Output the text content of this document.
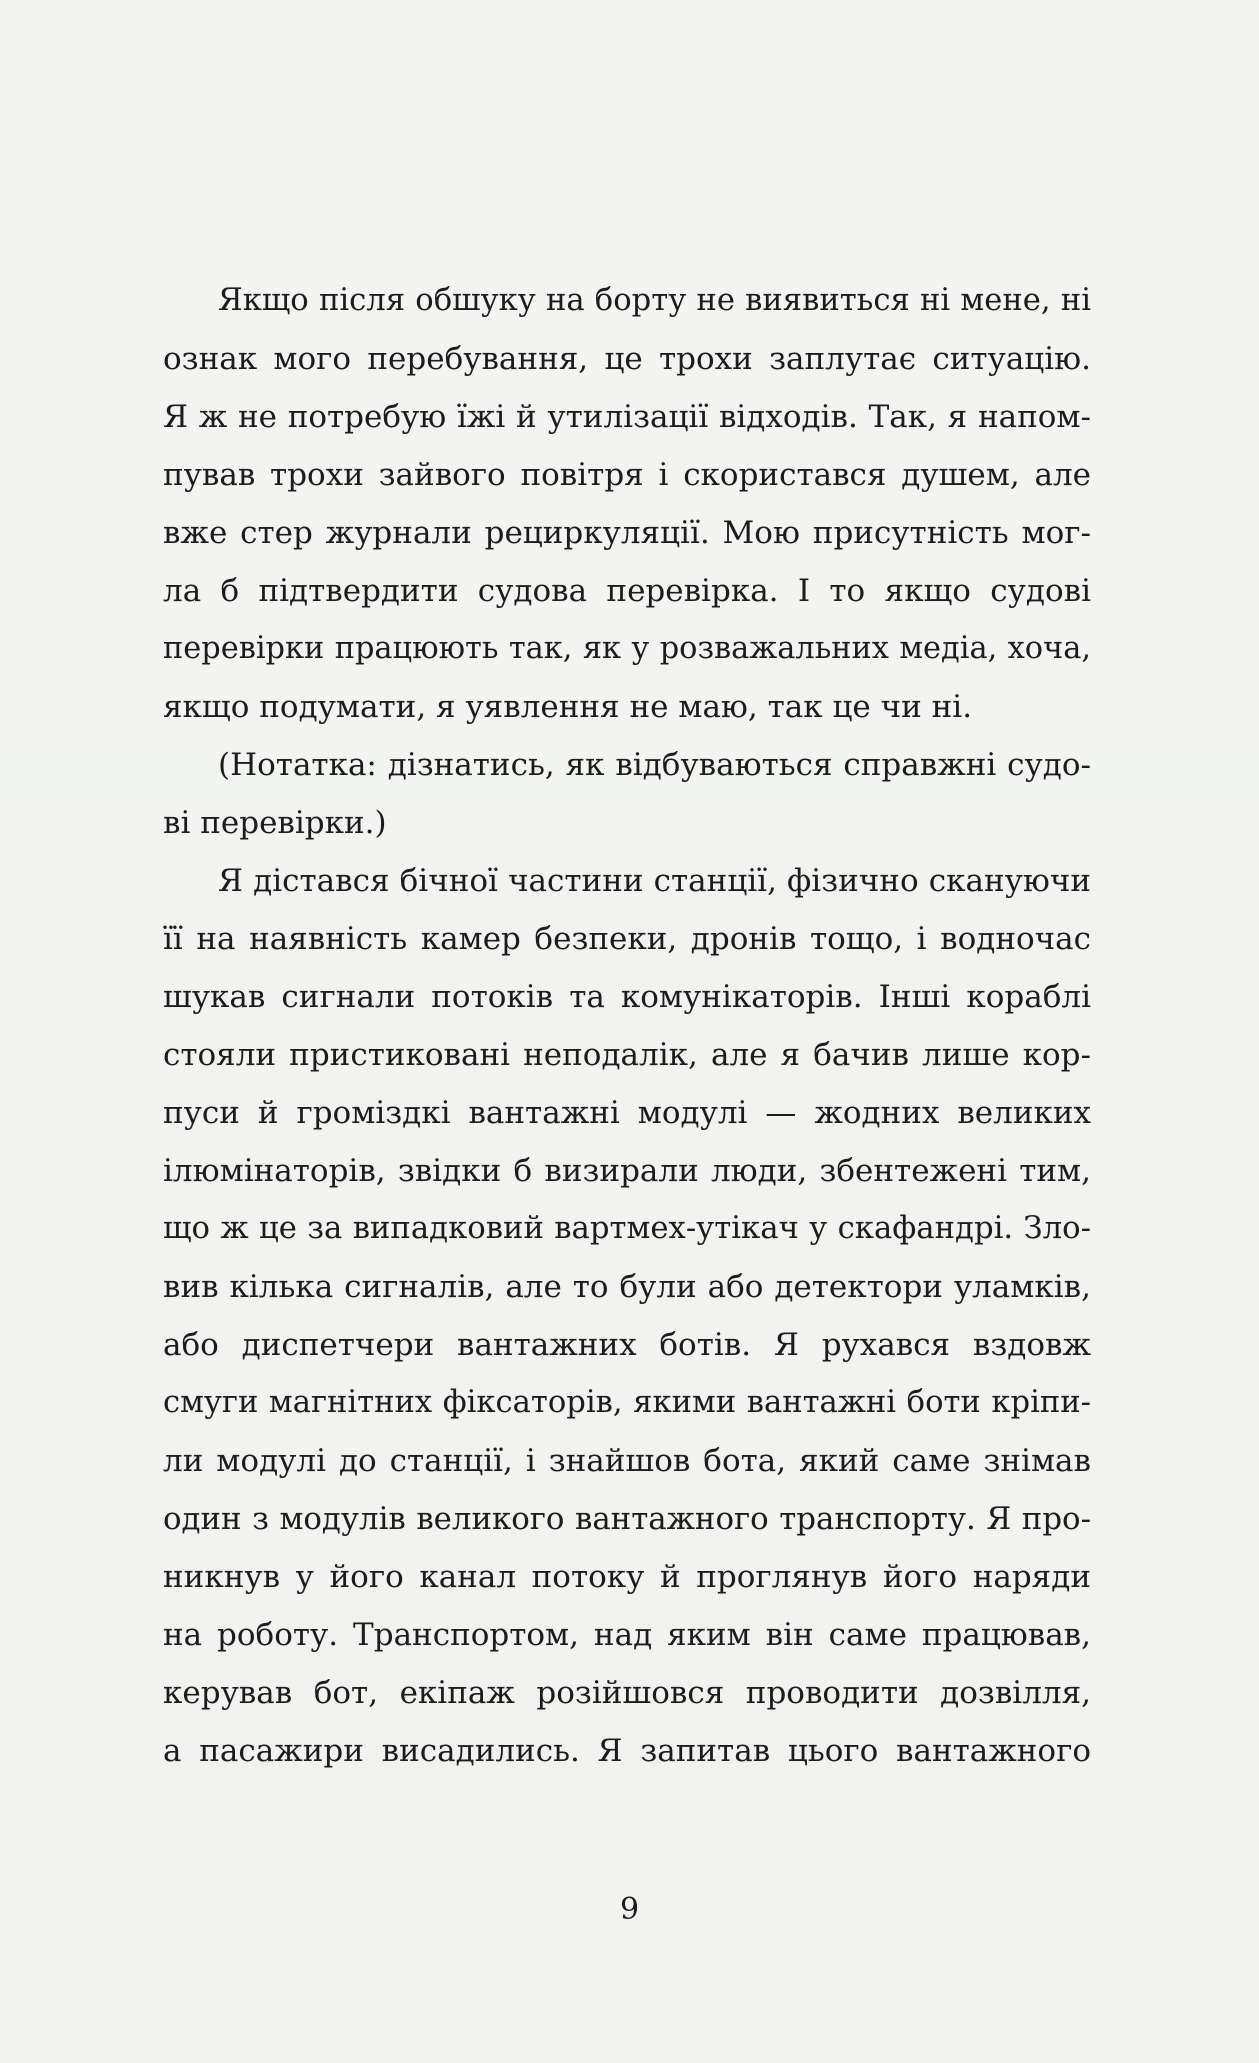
Якщо після обшуку на борту не виявиться ні мене, ні
ознак мого перебування, це трохи заплутає ситуацію.
Я ж не потребую їжі й утилізації відходів. Так, я напом-
пував трохи зайвого повітря і скористався душем, але
вже стер журнали рециркуляції. Мою присутність мог-
ла б підтвердити судова перевірка. І то якщо судові
перевірки працюють так, як у розважальних медіа, хоча,
якщо подумати, я уявлення не маю, так це чи ні.
(Нотатка: дізнатись, як відбуваються справжні судо-
ві перевірки.)
Я дістався бічної частини станції, фізично скануючи
її на наявність камер безпеки, дронів тощо, і водночас
шукав сигнали потоків та комунікаторів. Інші кораблі
стояли пристиковані неподалік, але я бачив лише кор-
пуси й громіздкі вантажні модулі — жодних великих
ілюмінаторів, звідки б визирали люди, збентежені тим,
що ж це за випадковий вартмех-утікач у скафандрі. Зло-
вив кілька сигналів, але то були або детектори уламків,
або диспетчери вантажних ботів. Я рухався вздовж
смуги магнітних фіксаторів, якими вантажні боти кріпи-
ли модулі до станції, і знайшов бота, який саме знімав
один з модулів великого вантажного транспорту. Я про-
никнув у його канал потоку й проглянув його наряди
на роботу. Транспортом, над яким він саме працював,
керував бот, екіпаж розійшовся проводити дозвілля,
а пасажири висадились. Я запитав цього вантажного
9
